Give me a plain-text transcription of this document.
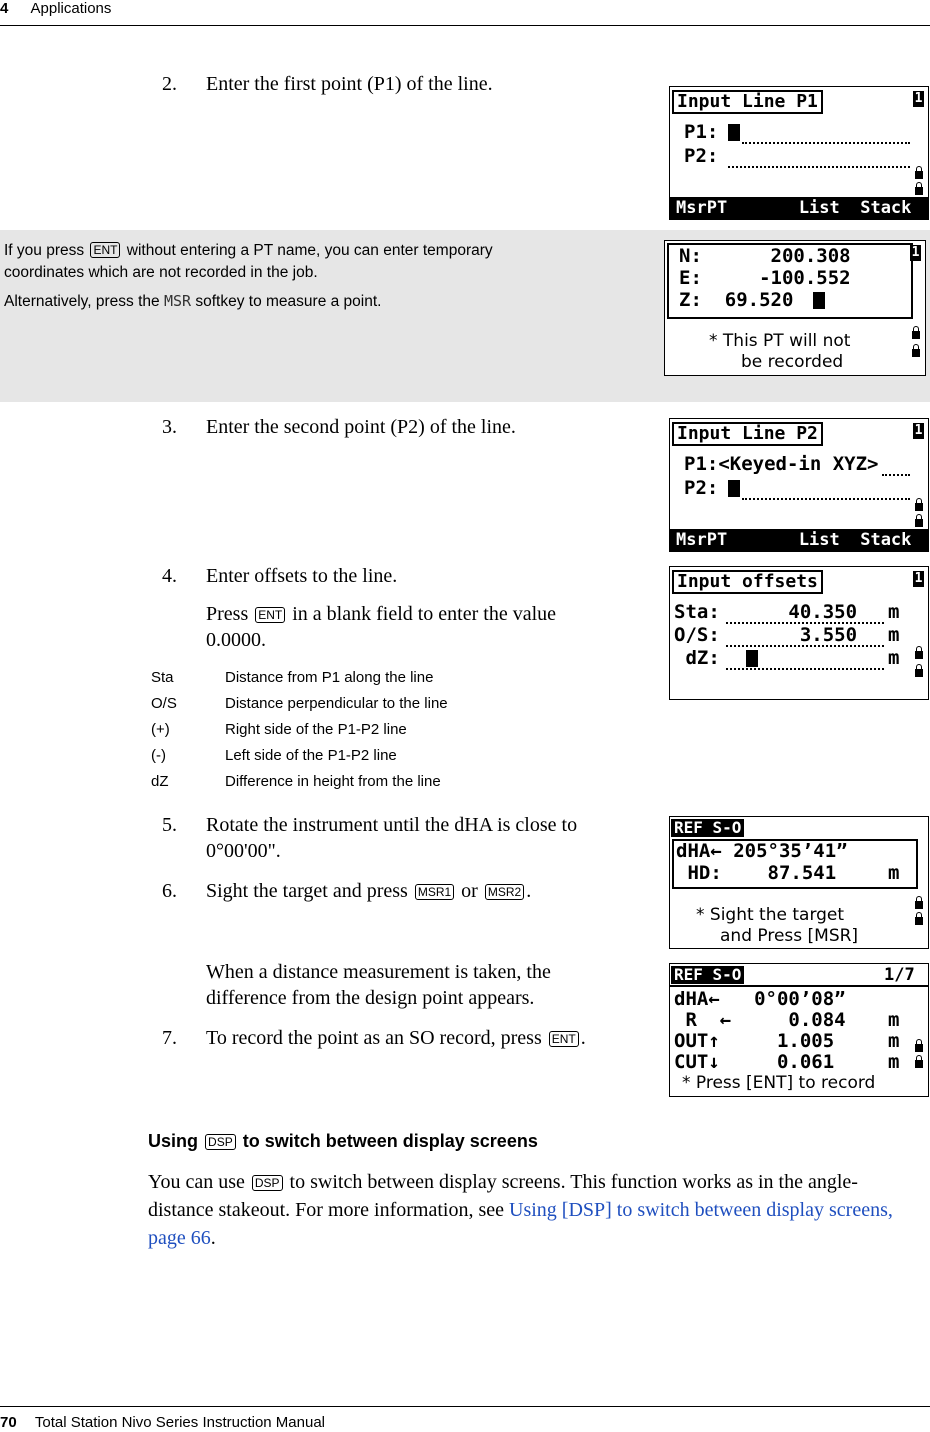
4 Applications
2. Enter the first point (P1) of the line.
Input Line P1	1
P1:
P2:
MsrPT       List  Stack

If you press ENT without entering a PT name, you can enter temporary

coordinates which are not recorded in the job.

Alternatively, press the MSR softkey to measure a point.

1
N:      200.308
E:     -100.552
Z:  69.520
* This PT will not
be recorded
3. Enter the second point (P2) of the line.	Input Line P2	1
P1:<Keyed-in XYZ>
P2:
MsrPT       List  Stack
4. Enter offsets to the line.
Press ENT in a blank field to enter the value
0.0000.
Sta	Distance from P1 along the line
O/S	Distance perpendicular to the line
(+)	Right side of the P1-P2 line
(-)	Left side of the P1-P2 line
dZ	Difference in height from the line
Input offsets	1
Sta:      40.350 m
O/S:       3.550 m
dZ:	m
5. Rotate the instrument until the dHA is close to 0°00'00".
6. Sight the target and press MSR1 or MSR2 .
When a distance measurement is taken, the
difference from the design point appears.
7. To record the point as an SO record, press ENT .
REF S-O
dHA← 205°35’41”
HD:    87.541	m
* Sight the target
and Press [MSR]
REF S-O	1/7
dHA←   0°00’08”
R  ←     0.084 m
OUT↑     1.005	m
CUT↓     0.061	m
* Press [ENT] to record
Using DSP to switch between display screens
You can use DSP to switch between display screens. This function works as in the angle-distance stakeout. For more information, see Using [DSP] to switch between display screens, page 66.
70 Total Station Nivo Series Instruction Manual
